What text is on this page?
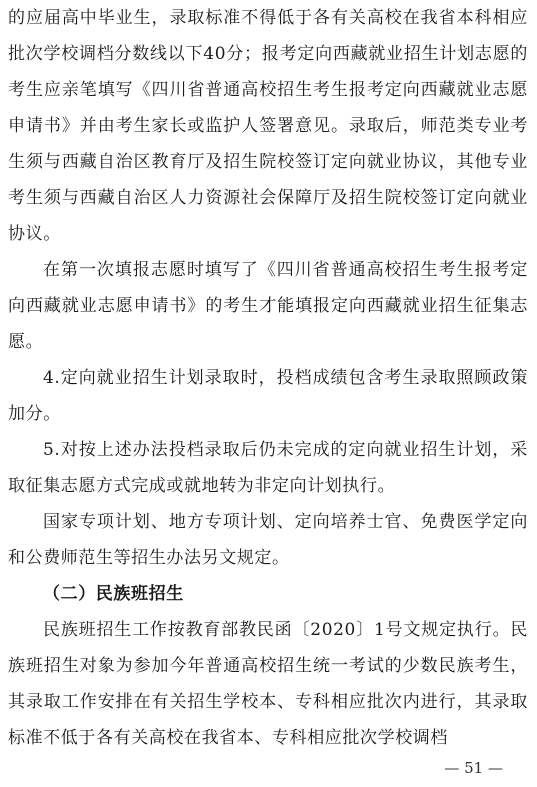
的应届高中毕业生，录取标准不得低于各有关高校在我省本科相应批次学校调档分数线以下40分；报考定向西藏就业招生计划志愿的考生应亲笔填写《四川省普通高校招生考生报考定向西藏就业志愿申请书》并由考生家长或监护人签署意见。录取后，师范类专业考生须与西藏自治区教育厅及招生院校签订定向就业协议，其他专业考生须与西藏自治区人力资源社会保障厅及招生院校签订定向就业协议。

在第一次填报志愿时填写了《四川省普通高校招生考生报考定向西藏就业志愿申请书》的考生才能填报定向西藏就业招生征集志愿。

4.定向就业招生计划录取时，投档成绩包含考生录取照顾政策加分。

5.对按上述办法投档录取后仍未完成的定向就业招生计划，采取征集志愿方式完成或就地转为非定向计划执行。

国家专项计划、地方专项计划、定向培养士官、免费医学定向和公费师范生等招生办法另文规定。

（二）民族班招生

民族班招生工作按教育部教民函〔2020〕1号文规定执行。民族班招生对象为参加今年普通高校招生统一考试的少数民族考生，其录取工作安排在有关招生学校本、专科相应批次内进行，其录取标准不低于各有关高校在我省本、专科相应批次学校调档

— 51 —
